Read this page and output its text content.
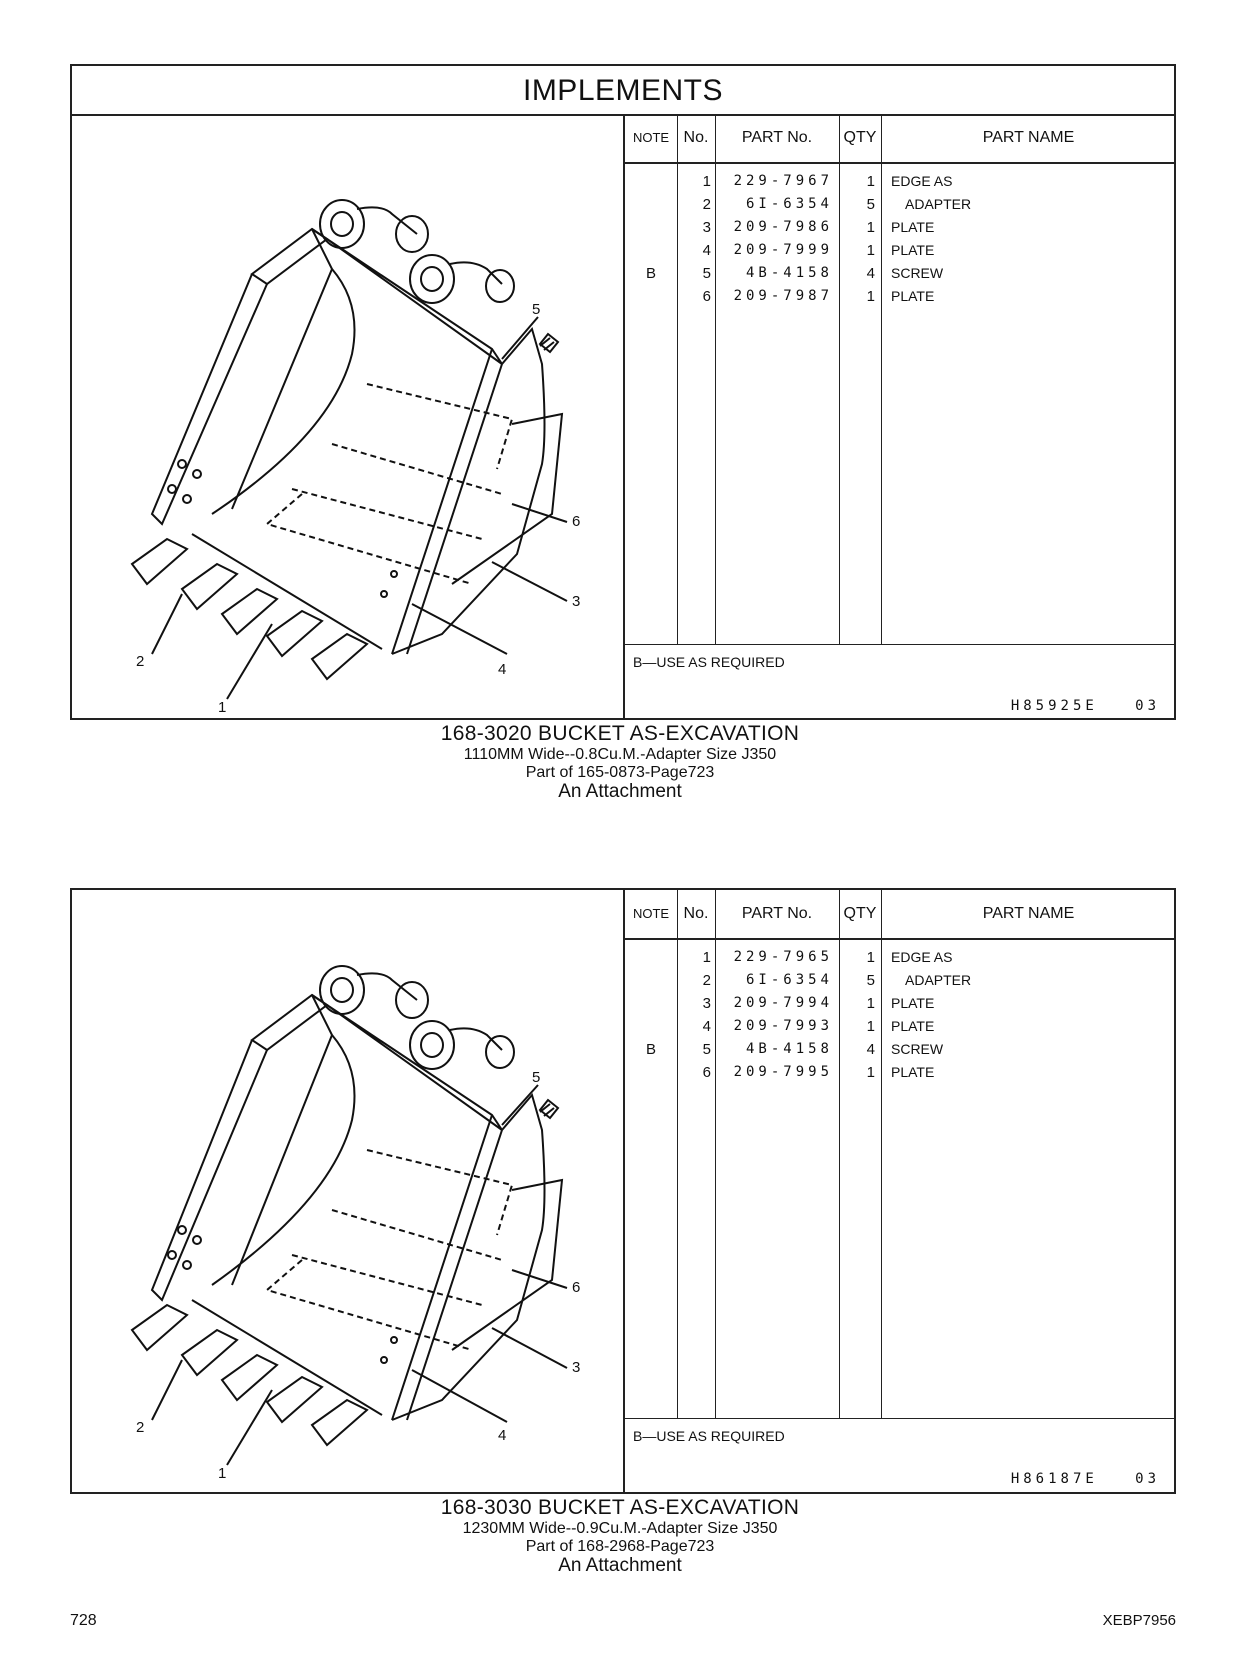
IMPLEMENTS
5
6
3
4
2
1
NOTE No.	PART No.	QTY	PART NAME
1	229-7967	1 EDGE AS
2	6I-6354	5 ADAPTER
3	209-7986	1 PLATE
4	209-7999	1 PLATE
B	5	4B-4158	4 SCREW
6	209-7987	1 PLATE
B—USE AS REQUIRED
H85925E	03
168-3020 BUCKET AS-EXCAVATION
1110MM Wide--0.8Cu.M.-Adapter Size J350
Part of 165-0873-Page723
An Attachment
5
6
3
4
2
1
NOTE No.	PART No.	QTY	PART NAME
1	229-7965	1 EDGE AS
2	6I-6354	5 ADAPTER
3	209-7994	1 PLATE
4	209-7993	1 PLATE
B	5	4B-4158	4 SCREW
6	209-7995	1 PLATE
B—USE AS REQUIRED
H86187E	03
168-3030 BUCKET AS-EXCAVATION
1230MM Wide--0.9Cu.M.-Adapter Size J350
Part of 168-2968-Page723
An Attachment
728	XEBP7956
